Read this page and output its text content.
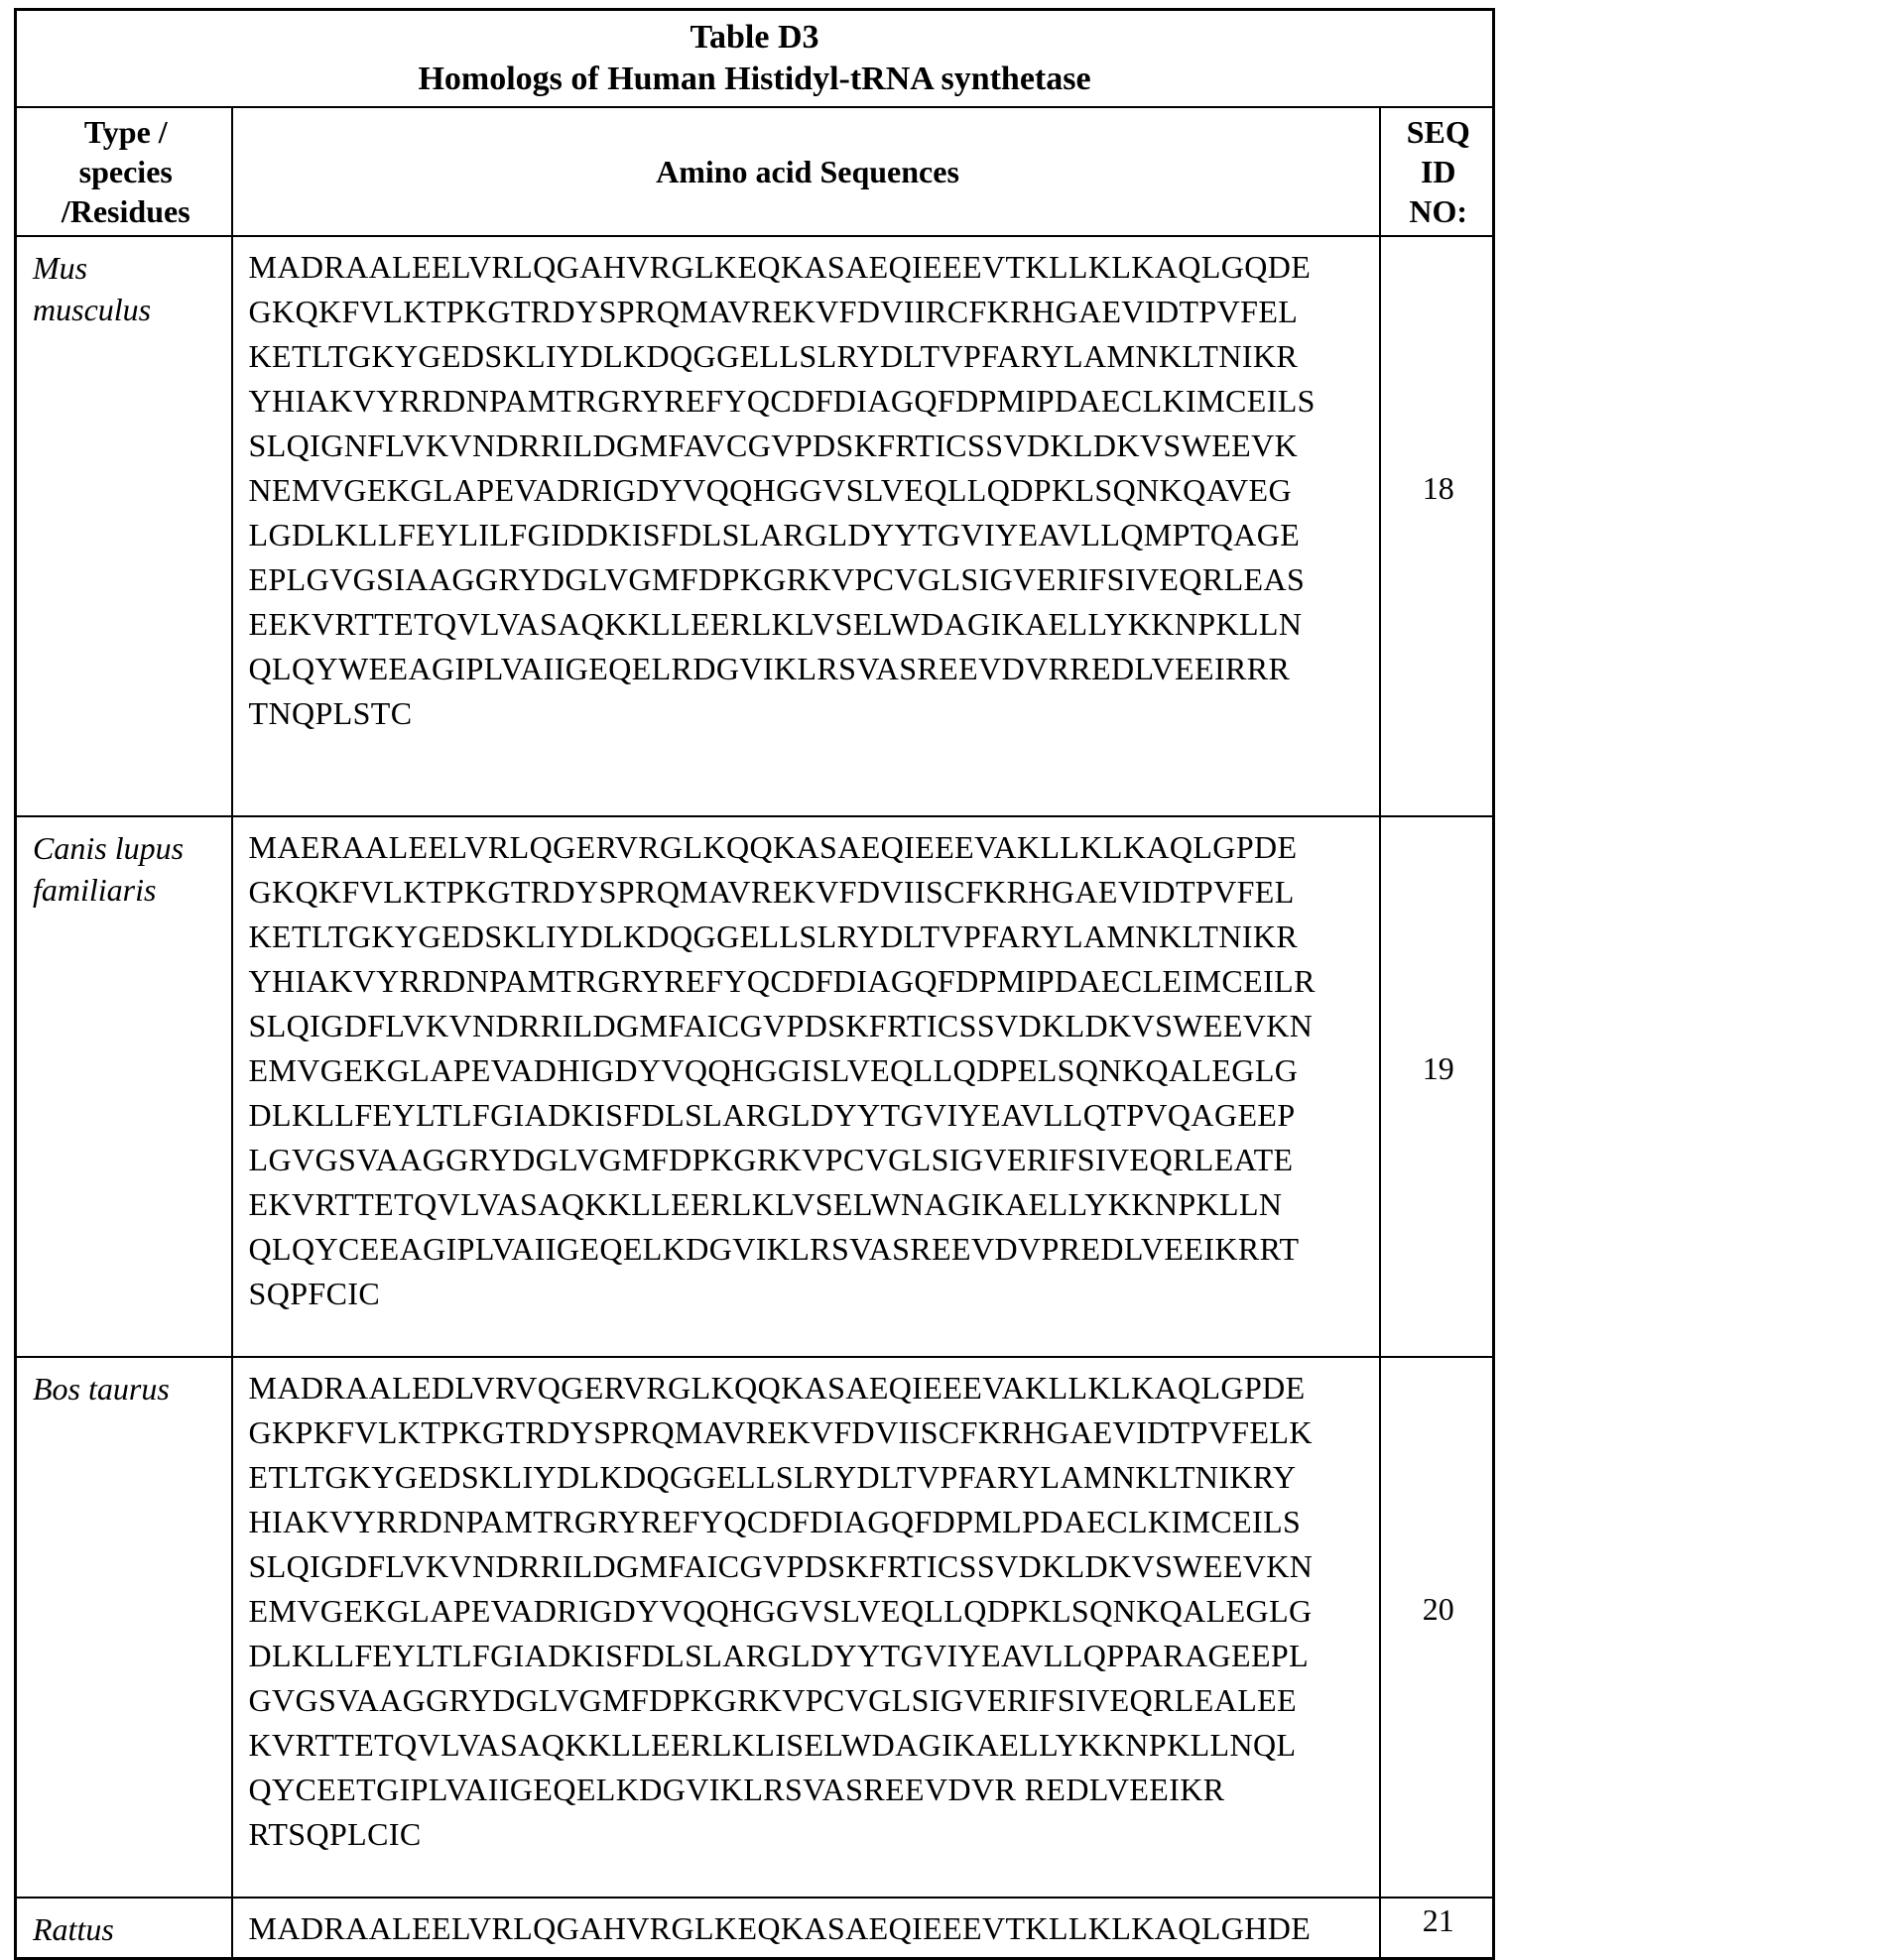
Table D3
Homologs of Human Histidyl-tRNA synthetase		

Type /
species
/Residues	Amino acid Sequences	SEQ
ID
NO:
Mus
musculus	MADRAALEELVRLQGAHVRGLKEQKASAEQIEEEVTKLLKLKAQLGQDE
GKQKFVLKTPKGTRDYSPRQMAVREKVFDVIIRCFKRHGAEVIDTPVFEL
KETLTGKYGEDSKLIYDLKDQGGELLSLRYDLTVPFARYLAMNKLTNIKR
YHIAKVYRRDNPAMTRGRYREFYQCDFDIAGQFDPMIPDAECLKIMCEILS
SLQIGNFLVKVNDRRILDGMFAVCGVPDSKFRTICSSVDKLDKVSWEEVK
NEMVGEKGLAPEVADRIGDYVQQHGGVSLVEQLLQDPKLSQNKQAVEG
LGDLKLLFEYLILFGIDDKISFDLSLARGLDYYTGVIYEAVLLQMPTQAGE
EPLGVGSIAAGGRYDGLVGMFDPKGRKVPCVGLSIGVERIFSIVEQRLEAS
EEKVRTTETQVLVASAQKKLLEERLKLVSELWDAGIKAELLYKKNPKLLN
QLQYWEEAGIPLVAIIGEQELRDGVIKLRSVASREEVDVRREDLVEEIRRR
TNQPLSTC	18
Canis lupus
familiaris	MAERAALEELVRLQGERVRGLKQQKASAEQIEEEVAKLLKLKAQLGPDE
GKQKFVLKTPKGTRDYSPRQMAVREKVFDVIISCFKRHGAEVIDTPVFEL
KETLTGKYGEDSKLIYDLKDQGGELLSLRYDLTVPFARYLAMNKLTNIKR
YHIAKVYRRDNPAMTRGRYREFYQCDFDIAGQFDPMIPDAECLEIMCEILR
SLQIGDFLVKVNDRRILDGMFAICGVPDSKFRTICSSVDKLDKVSWEEVKN
EMVGEKGLAPEVADHIGDYVQQHGGISLVEQLLQDPELSQNKQALEGLG
DLKLLFEYLTLFGIADKISFDLSLARGLDYYTGVIYEAVLLQTPVQAGEEP
LGVGSVAAGGRYDGLVGMFDPKGRKVPCVGLSIGVERIFSIVEQRLEATE
EKVRTTETQVLVASAQKKLLEERLKLVSELWNAGIKAELLYKKNPKLLN
QLQYCEEAGIPLVAIIGEQELKDGVIKLRSVASREEVDVPREDLVEEIKRRT
SQPFCIC	19
Bos taurus	MADRAALEDLVRVQGERVRGLKQQKASAEQIEEEVAKLLKLKAQLGPDE
GKPKFVLKTPKGTRDYSPRQMAVREKVFDVIISCFKRHGAEVIDTPVFELK
ETLTGKYGEDSKLIYDLKDQGGELLSLRYDLTVPFARYLAMNKLTNIKRY
HIAKVYRRDNPAMTRGRYREFYQCDFDIAGQFDPMLPDAECLKIMCEILS
SLQIGDFLVKVNDRRILDGMFAICGVPDSKFRTICSSVDKLDKVSWEEVKN
EMVGEKGLAPEVADRIGDYVQQHGGVSLVEQLLQDPKLSQNKQALEGLG
DLKLLFEYLTLFGIADKISFDLSLARGLDYYTGVIYEAVLLQPPARAGEEPL
GVGSVAAGGRYDGLVGMFDPKGRKVPCVGLSIGVERIFSIVEQRLEALEE
KVRTTETQVLVASAQKKLLEERLKLISELWDAGIKAELLYKKNPKLLNQL
QYCEETGIPLVAIIGEQELKDGVIKLRSVASREEVDVR REDLVEEIKR
RTSQPLCIC	20
Rattus	MADRAALEELVRLQGAHVRGLKEQKASAEQIEEEVTKLLKLKAQLGHDE	21
